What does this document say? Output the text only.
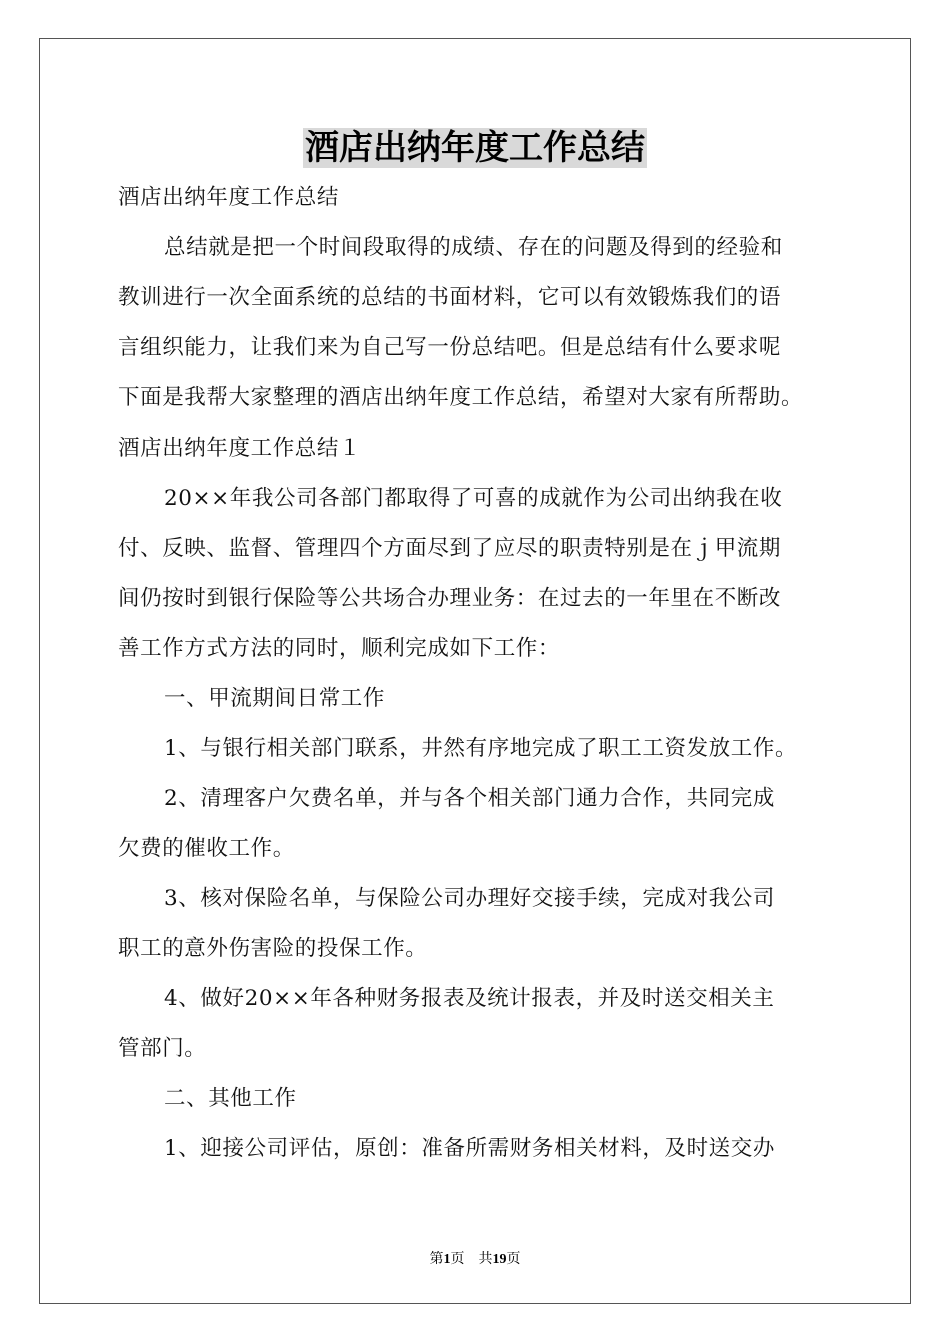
酒店出纳年度工作总结
酒店出纳年度工作总结
总结就是把一个时间段取得的成绩、存在的问题及得到的经验和
教训进行一次全面系统的总结的书面材料，它可以有效锻炼我们的语
言组织能力，让我们来为自己写一份总结吧。但是总结有什么要求呢
下面是我帮大家整理的酒店出纳年度工作总结，希望对大家有所帮助。
酒店出纳年度工作总结１
20××年我公司各部门都取得了可喜的成就作为公司出纳我在收
付、反映、监督、管理四个方面尽到了应尽的职责特别是在ｊ甲流期
间仍按时到银行保险等公共场合办理业务：在过去的一年里在不断改
善工作方式方法的同时，顺利完成如下工作：
一、甲流期间日常工作
1、与银行相关部门联系，井然有序地完成了职工工资发放工作。
2、清理客户欠费名单，并与各个相关部门通力合作，共同完成
欠费的催收工作。
3、核对保险名单，与保险公司办理好交接手续，完成对我公司
职工的意外伤害险的投保工作。
4、做好20××年各种财务报表及统计报表，并及时送交相关主
管部门。
二、其他工作
1、迎接公司评估，原创：准备所需财务相关材料，及时送交办
第1页 共19页
